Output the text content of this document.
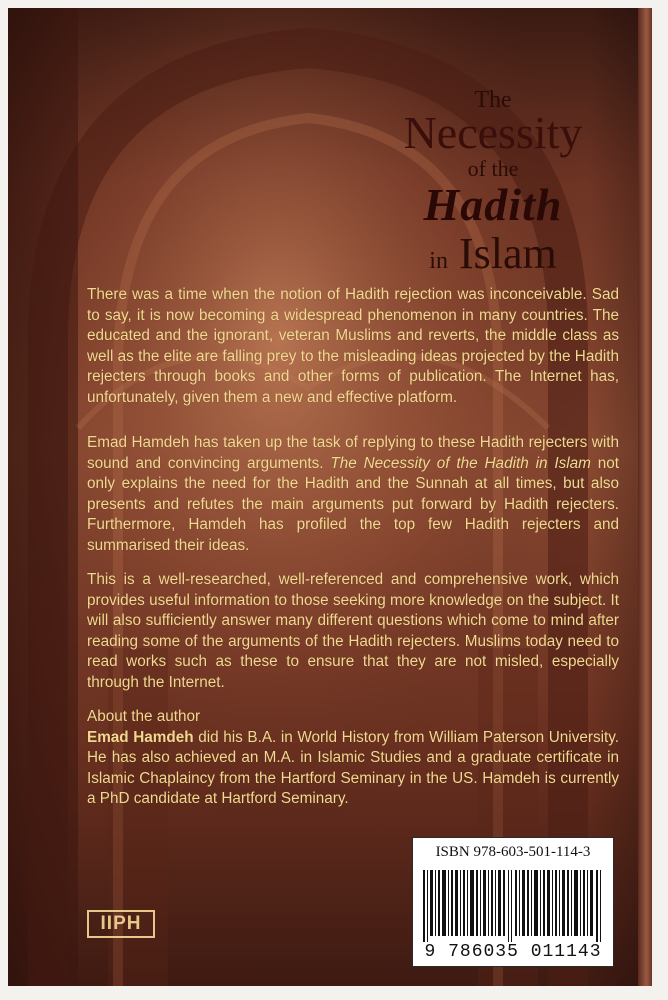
The
Necessity
of the
Hadith
in Islam

There was a time when the notion of Hadith rejection was inconceivable. Sad to say, it is now becoming a widespread phenomenon in many countries. The educated and the ignorant, veteran Muslims and reverts, the middle class as well as the elite are falling prey to the misleading ideas projected by the Hadith rejecters through books and other forms of publication. The Internet has, unfortunately, given them a new and effective platform.

Emad Hamdeh has taken up the task of replying to these Hadith rejecters with sound and convincing arguments. The Necessity of the Hadith in Islam not only explains the need for the Hadith and the Sunnah at all times, but also presents and refutes the main arguments put forward by Hadith rejecters. Furthermore, Hamdeh has profiled the top few Hadith rejecters and summarised their ideas.

This is a well-researched, well-referenced and comprehensive work, which provides useful information to those seeking more knowledge on the subject. It will also sufficiently answer many different questions which come to mind after reading some of the arguments of the Hadith rejecters. Muslims today need to read works such as these to ensure that they are not misled, especially through the Internet.

About the author

Emad Hamdeh did his B.A. in World History from William Paterson University. He has also achieved an M.A. in Islamic Studies and a graduate certificate in Islamic Chaplaincy from the Hartford Seminary in the US. Hamdeh is currently a PhD candidate at Hartford Seminary.

ISBN 978-603-501-114-3
9 786035 011143
IIPH
